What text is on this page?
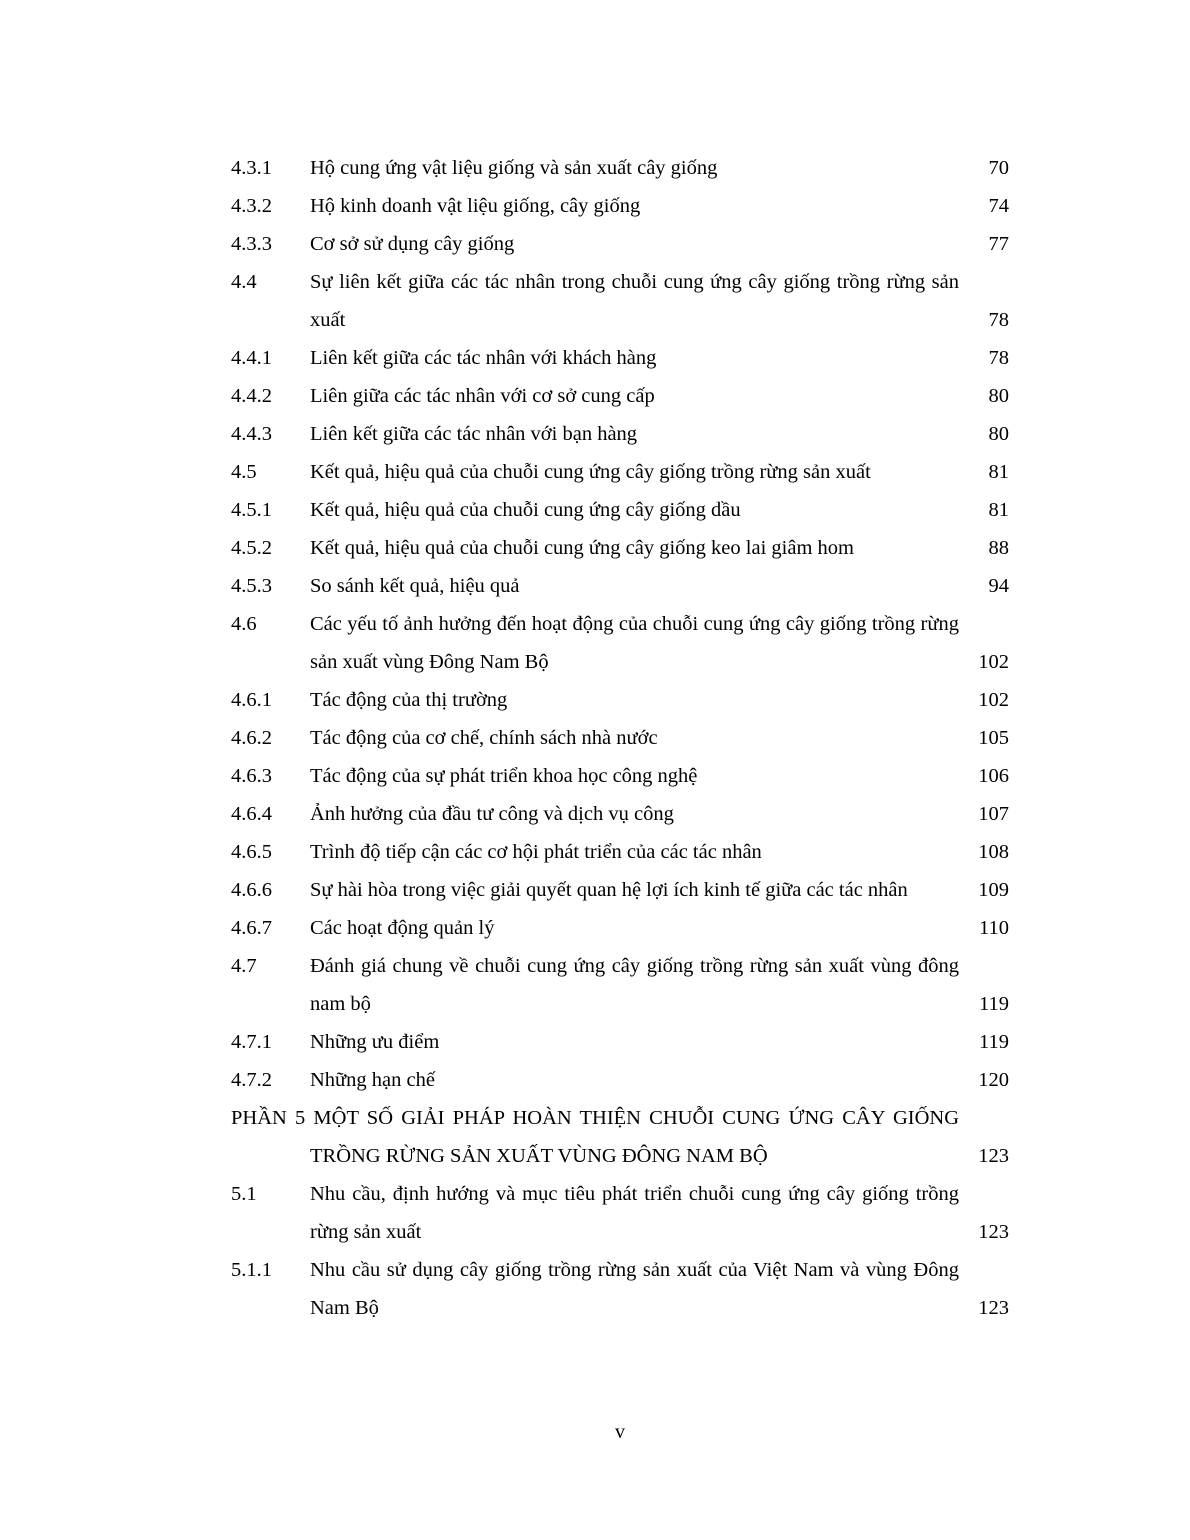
4.3.1	Hộ cung ứng vật liệu giống và sản xuất cây giống	70
4.3.2	Hộ kinh doanh vật liệu giống, cây giống	74
4.3.3	Cơ sở sử dụng cây giống	77
4.4	Sự liên kết giữa các tác nhân trong chuỗi cung ứng cây giống trồng rừng sản xuất	78
4.4.1	Liên kết giữa các tác nhân với khách hàng	78
4.4.2	Liên giữa các tác nhân với cơ sở cung cấp	80
4.4.3	Liên kết giữa các tác nhân với bạn hàng	80
4.5	Kết quả, hiệu quả của chuỗi cung ứng cây giống trồng rừng sản xuất	81
4.5.1	Kết quả, hiệu quả của chuỗi cung ứng cây giống dầu	81
4.5.2	Kết quả, hiệu quả của chuỗi cung ứng cây giống keo lai giâm hom	88
4.5.3	So sánh kết quả, hiệu quả	94
4.6	Các yếu tố ảnh hưởng đến hoạt động của chuỗi cung ứng cây giống trồng rừng sản xuất vùng Đông Nam Bộ	102
4.6.1	Tác động của thị trường	102
4.6.2	Tác động của cơ chế, chính sách nhà nước	105
4.6.3	Tác động của sự phát triển khoa học công nghệ	106
4.6.4	Ảnh hưởng của đầu tư công và dịch vụ công	107
4.6.5	Trình độ tiếp cận các cơ hội phát triển của các tác nhân	108
4.6.6	Sự hài hòa trong việc giải quyết quan hệ lợi ích kinh tế giữa các tác nhân	109
4.6.7	Các hoạt động quản lý	110
4.7	Đánh giá chung về chuỗi cung ứng cây giống trồng rừng sản xuất vùng đông nam bộ	119
4.7.1	Những ưu điểm	119
4.7.2	Những hạn chế	120
PHẦN 5 MỘT SỐ GIẢI PHÁP HOÀN THIỆN CHUỖI CUNG ỨNG CÂY GIỐNG TRỒNG RỪNG SẢN XUẤT VÙNG ĐÔNG NAM BỘ	123
5.1	Nhu cầu, định hướng và mục tiêu phát triển chuỗi cung ứng cây giống trồng rừng sản xuất	123
5.1.1	Nhu cầu sử dụng cây giống trồng rừng sản xuất của Việt Nam và vùng Đông Nam Bộ	123
v
